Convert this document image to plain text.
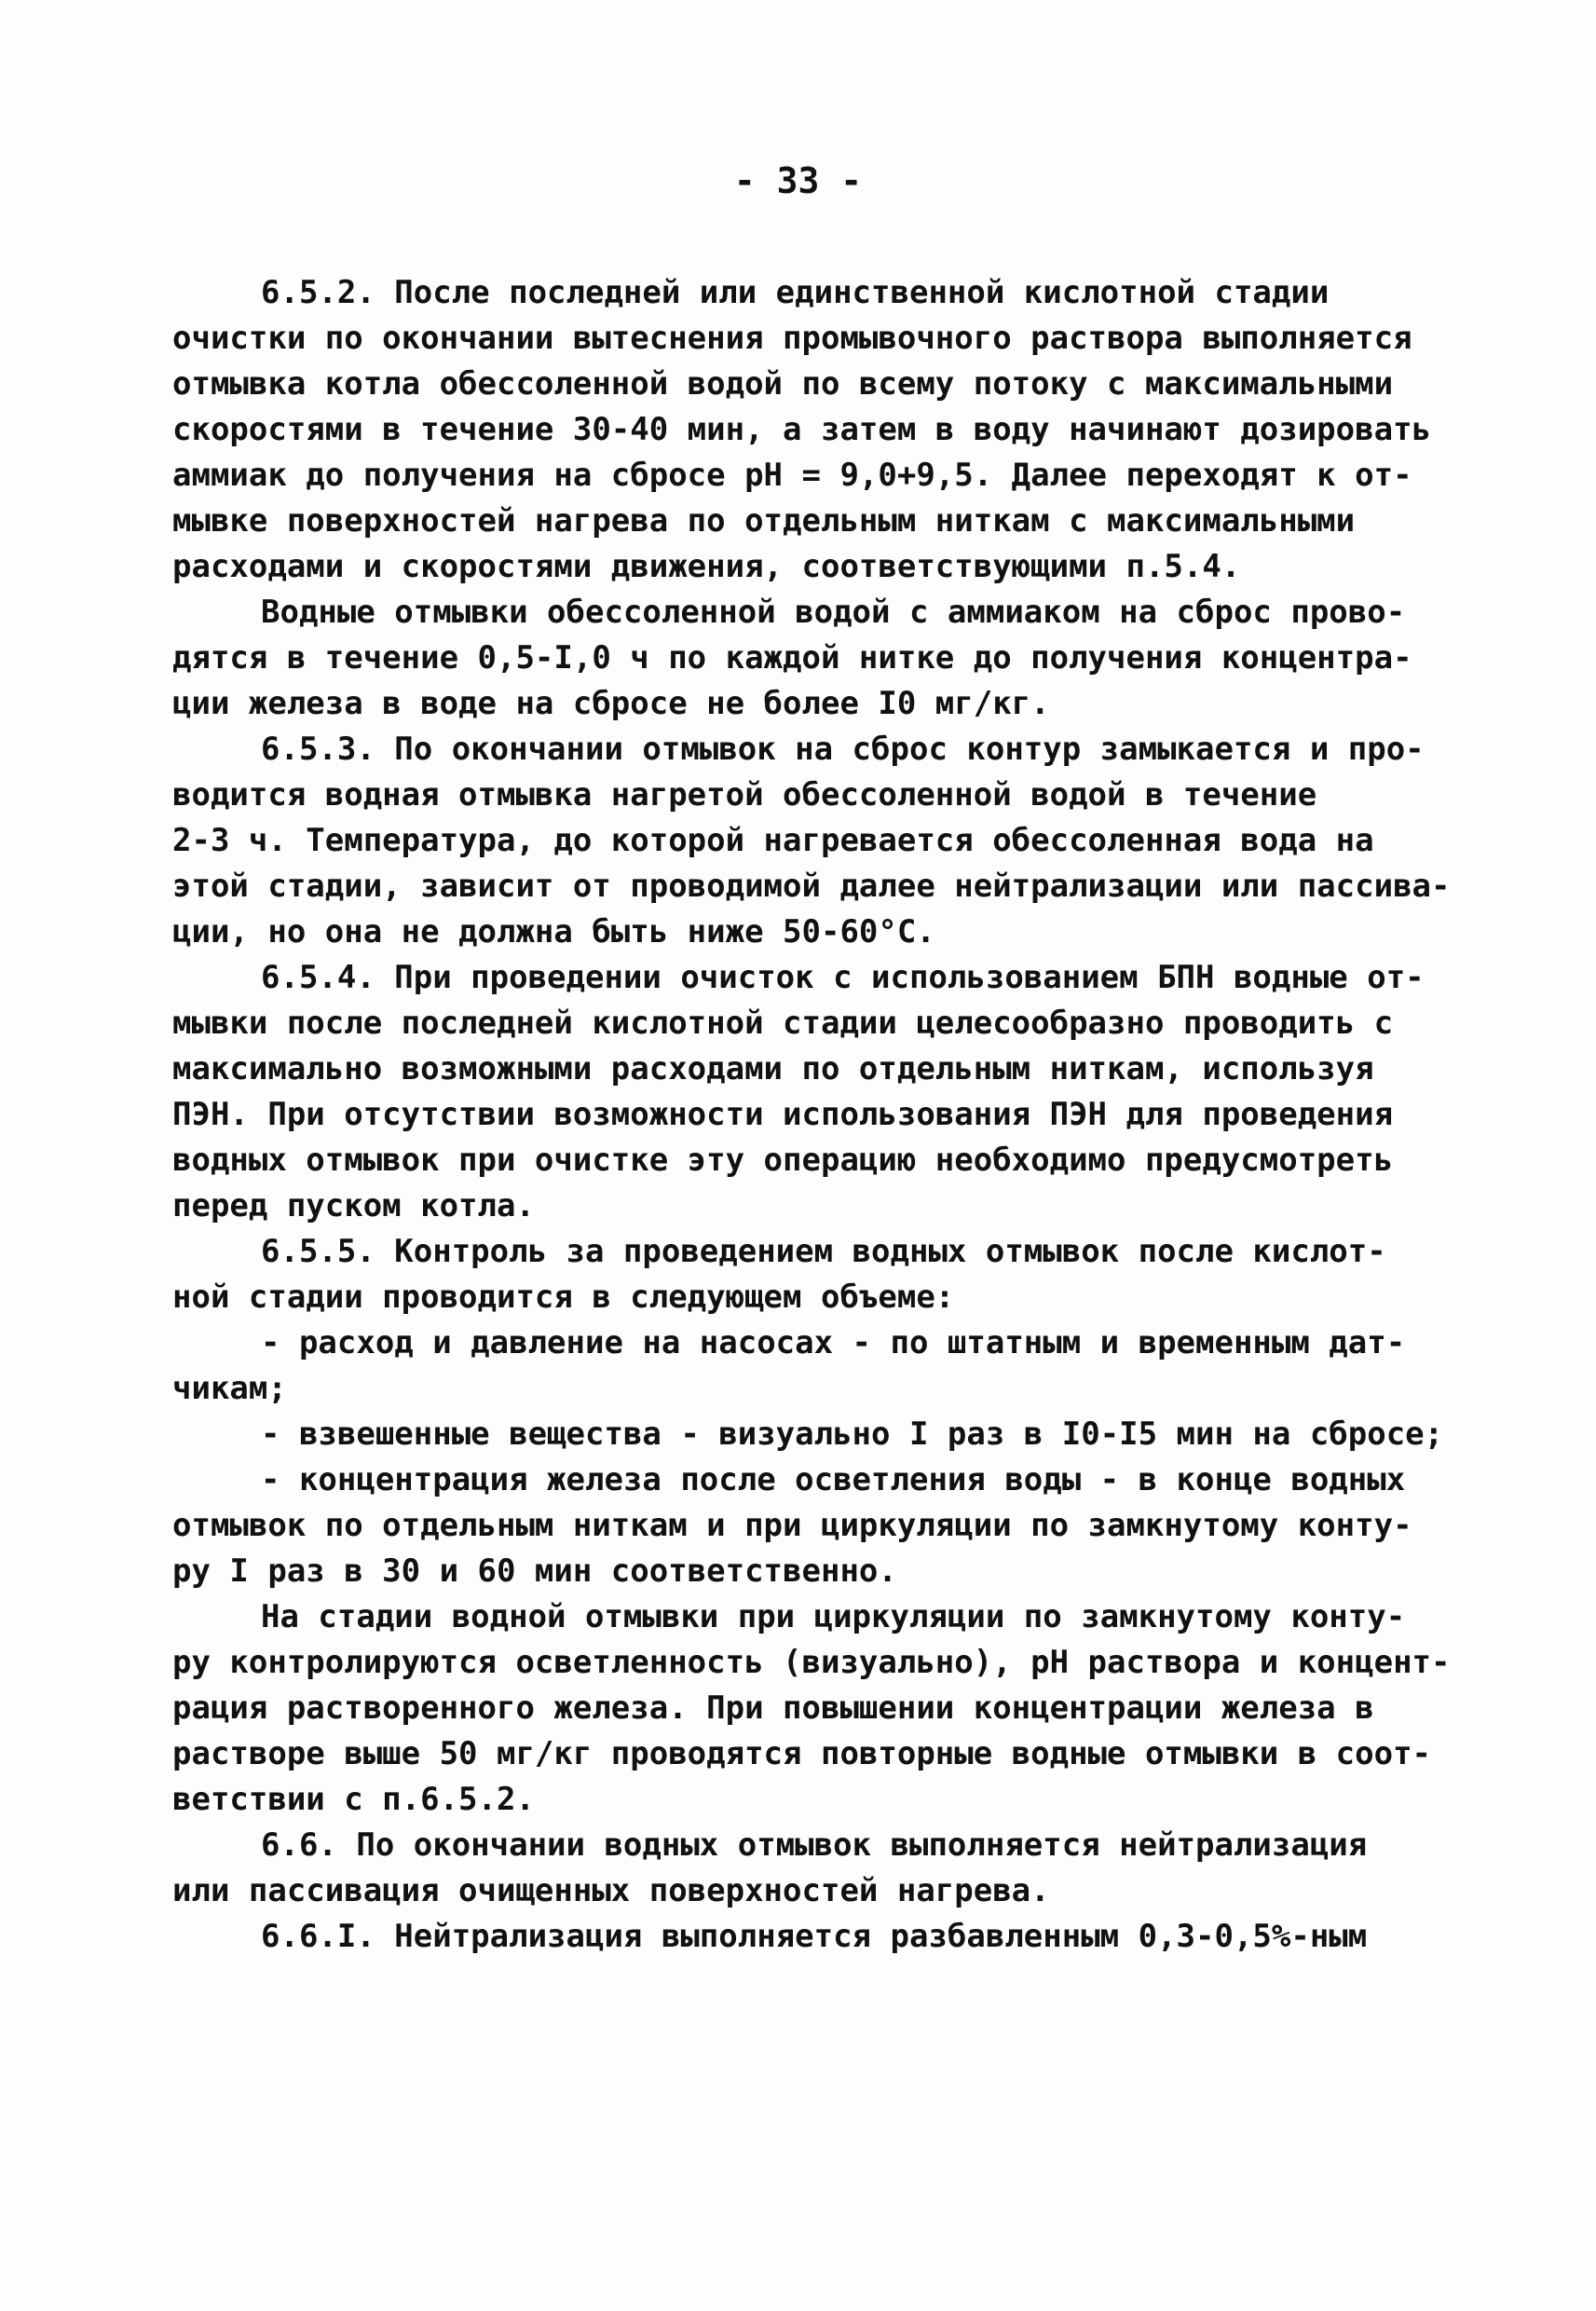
- 33 -
6.5.2. После последней или единственной кислотной стадии
очистки по окончании вытеснения промывочного раствора выполняется
отмывка котла обессоленной водой по всему потоку с максимальными
скоростями в течение 30-40 мин, а затем в воду начинают дозировать
аммиак до получения на сбросе pH = 9,0+9,5. Далее переходят к от-
мывке поверхностей нагрева по отдельным ниткам с максимальными
расходами и скоростями движения, соответствующими п.5.4.
Водные отмывки обессоленной водой с аммиаком на сброс прово-
дятся в течение 0,5-I,0 ч по каждой нитке до получения концентра-
ции железа в воде на сбросе не более I0 мг/кг.
6.5.3. По окончании отмывок на сброс контур замыкается и про-
водится водная отмывка нагретой обессоленной водой в течение
2-3 ч. Температура, до которой нагревается обессоленная вода на
этой стадии, зависит от проводимой далее нейтрализации или пассива-
ции, но она не должна быть ниже 50-60°С.
6.5.4. При проведении очисток с использованием БПН водные от-
мывки после последней кислотной стадии целесообразно проводить с
максимально возможными расходами по отдельным ниткам, используя
ПЭН. При отсутствии возможности использования ПЭН для проведения
водных отмывок при очистке эту операцию необходимо предусмотреть
перед пуском котла.
6.5.5. Контроль за проведением водных отмывок после кислот-
ной стадии проводится в следующем объеме:
- расход и давление на насосах - по штатным и временным дат-
чикам;
- взвешенные вещества - визуально I раз в I0-I5 мин на сбросе;
- концентрация железа после осветления воды - в конце водных
отмывок по отдельным ниткам и при циркуляции по замкнутому конту-
ру I раз в 30 и 60 мин соответственно.
На стадии водной отмывки при циркуляции по замкнутому конту-
ру контролируются осветленность (визуально), pH раствора и концент-
рация растворенного железа. При повышении концентрации железа в
растворе выше 50 мг/кг проводятся повторные водные отмывки в соот-
ветствии с п.6.5.2.
6.6. По окончании водных отмывок выполняется нейтрализация
или пассивация очищенных поверхностей нагрева.
6.6.I. Нейтрализация выполняется разбавленным 0,3-0,5%-ным
